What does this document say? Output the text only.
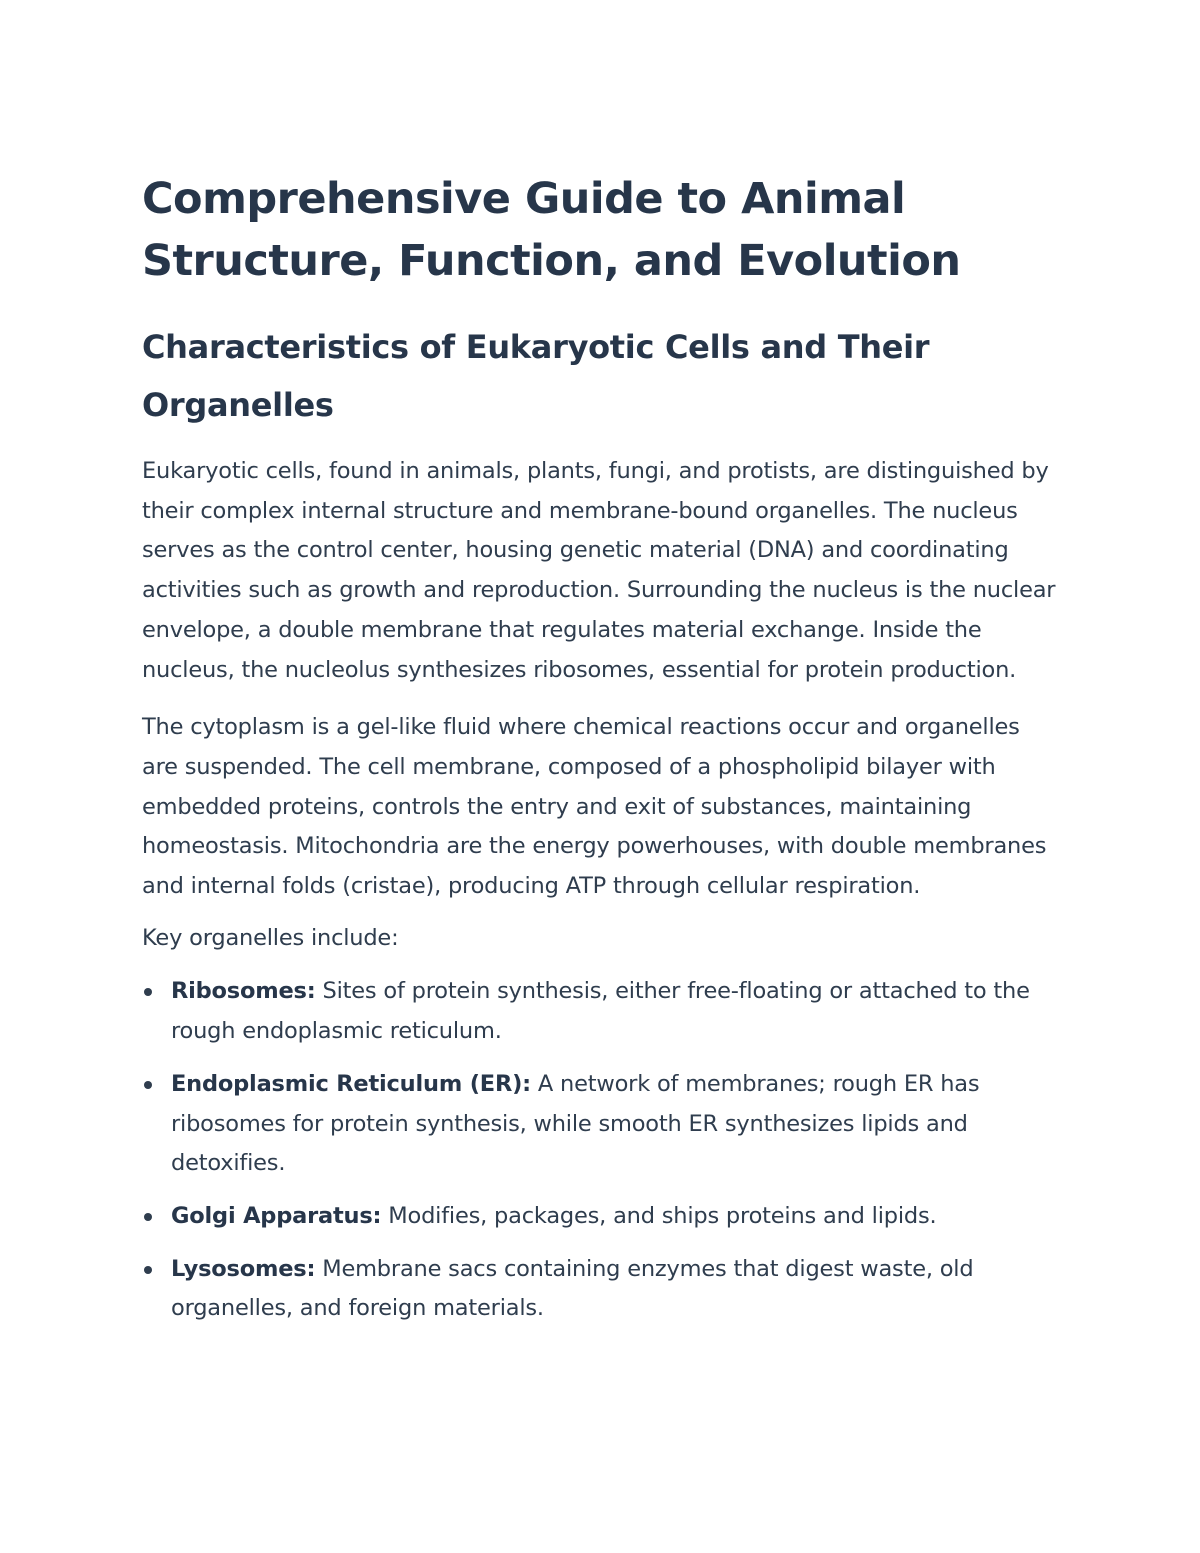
Comprehensive Guide to Animal Structure, Function, and Evolution
Characteristics of Eukaryotic Cells and Their Organelles

Eukaryotic cells, found in animals, plants, fungi, and protists, are distinguished by their complex internal structure and membrane-bound organelles. The nucleus serves as the control center, housing genetic material (DNA) and coordinating activities such as growth and reproduction. Surrounding the nucleus is the nuclear envelope, a double membrane that regulates material exchange. Inside the nucleus, the nucleolus synthesizes ribosomes, essential for protein production.

The cytoplasm is a gel-like fluid where chemical reactions occur and organelles are suspended. The cell membrane, composed of a phospholipid bilayer with embedded proteins, controls the entry and exit of substances, maintaining homeostasis. Mitochondria are the energy powerhouses, with double membranes and internal folds (cristae), producing ATP through cellular respiration.

Key organelles include:

Ribosomes: Sites of protein synthesis, either free-floating or attached to the rough endoplasmic reticulum.
Endoplasmic Reticulum (ER): A network of membranes; rough ER has ribosomes for protein synthesis, while smooth ER synthesizes lipids and detoxifies.
Golgi Apparatus: Modifies, packages, and ships proteins and lipids.
Lysosomes: Membrane sacs containing enzymes that digest waste, old organelles, and foreign materials.
